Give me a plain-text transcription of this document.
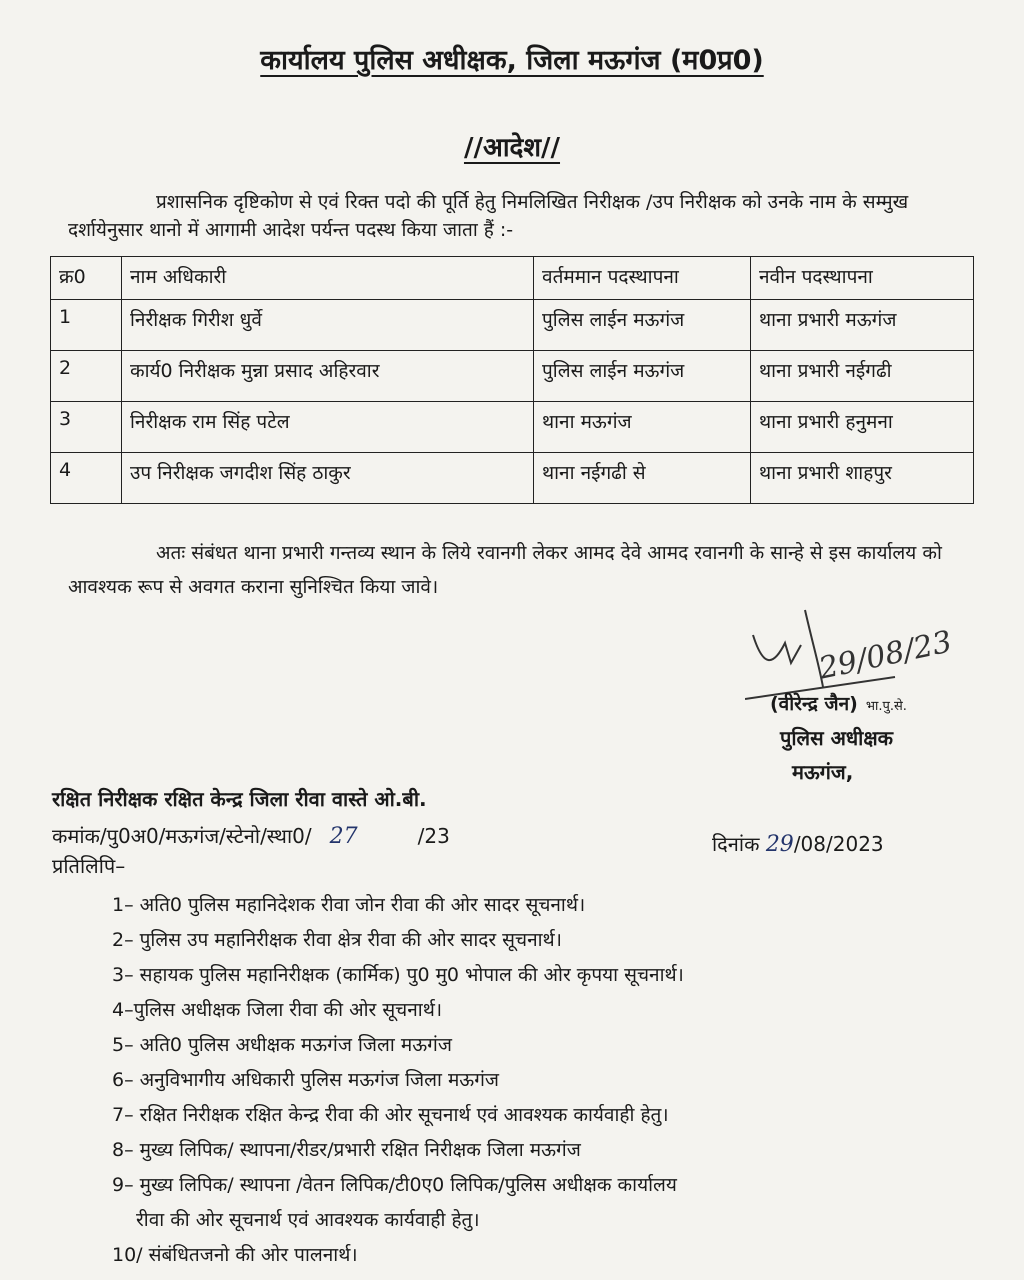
कार्यालय पुलिस अधीक्षक, जिला मऊगंज (म0प्र0)
//आदेश//
प्रशासनिक दृष्टिकोण से एवं रिक्त पदो की पूर्ति हेतु निमलिखित निरीक्षक /उप निरीक्षक को उनके नाम के सम्मुख दर्शायेनुसार थानो में आगामी आदेश पर्यन्त पदस्थ किया जाता हैं :-
क्र0	नाम अधिकारी	वर्तममान पदस्थापना	नवीन पदस्थापना
1	निरीक्षक गिरीश धुर्वे	पुलिस लाईन मऊगंज	थाना प्रभारी मऊगंज
2	कार्य0 निरीक्षक मुन्ना प्रसाद अहिरवार	पुलिस लाईन मऊगंज	थाना प्रभारी नईगढी
3	निरीक्षक राम सिंह पटेल	थाना मऊगंज	थाना प्रभारी हनुमना
4	उप निरीक्षक जगदीश सिंह ठाकुर	थाना नईगढी से	थाना प्रभारी शाहपुर
अतः संबंधत थाना प्रभारी गन्तव्य स्थान के लिये रवानगी लेकर आमद देवे आमद रवानगी के सान्हे से इस कार्यालय को आवश्यक रूप से अवगत कराना सुनिश्चित किया जावे।
29/08/23
(वीरेन्द्र जैन) भा.पु.से.
पुलिस अधीक्षक
मऊगंज,
रक्षित निरीक्षक रक्षित केन्द्र जिला रीवा वास्ते ओ.बी.
कमांक/पु0अ0/मऊगंज/स्टेनो/स्था0/ 27	/23	दिनांक 29/08/2023
प्रतिलिपि–
1– अति0 पुलिस महानिदेशक रीवा जोन रीवा की ओर सादर सूचनार्थ।
2– पुलिस उप महानिरीक्षक रीवा क्षेत्र रीवा की ओर सादर सूचनार्थ।
3– सहायक पुलिस महानिरीक्षक (कार्मिक) पु0 मु0 भोपाल की ओर कृपया सूचनार्थ।
4–पुलिस अधीक्षक जिला रीवा की ओर सूचनार्थ।
5– अति0 पुलिस अधीक्षक मऊगंज जिला मऊगंज
6– अनुविभागीय अधिकारी पुलिस मऊगंज जिला मऊगंज
7– रक्षित निरीक्षक रक्षित केन्द्र रीवा की ओर सूचनार्थ एवं आवश्यक कार्यवाही हेतु।
8– मुख्य लिपिक/ स्थापना/रीडर/प्रभारी रक्षित निरीक्षक जिला मऊगंज
9– मुख्य लिपिक/ स्थापना /वेतन लिपिक/टी0ए0 लिपिक/पुलिस अधीक्षक कार्यालय
रीवा की ओर सूचनार्थ एवं आवश्यक कार्यवाही हेतु।
10/ संबंधितजनो की ओर पालनार्थ।
